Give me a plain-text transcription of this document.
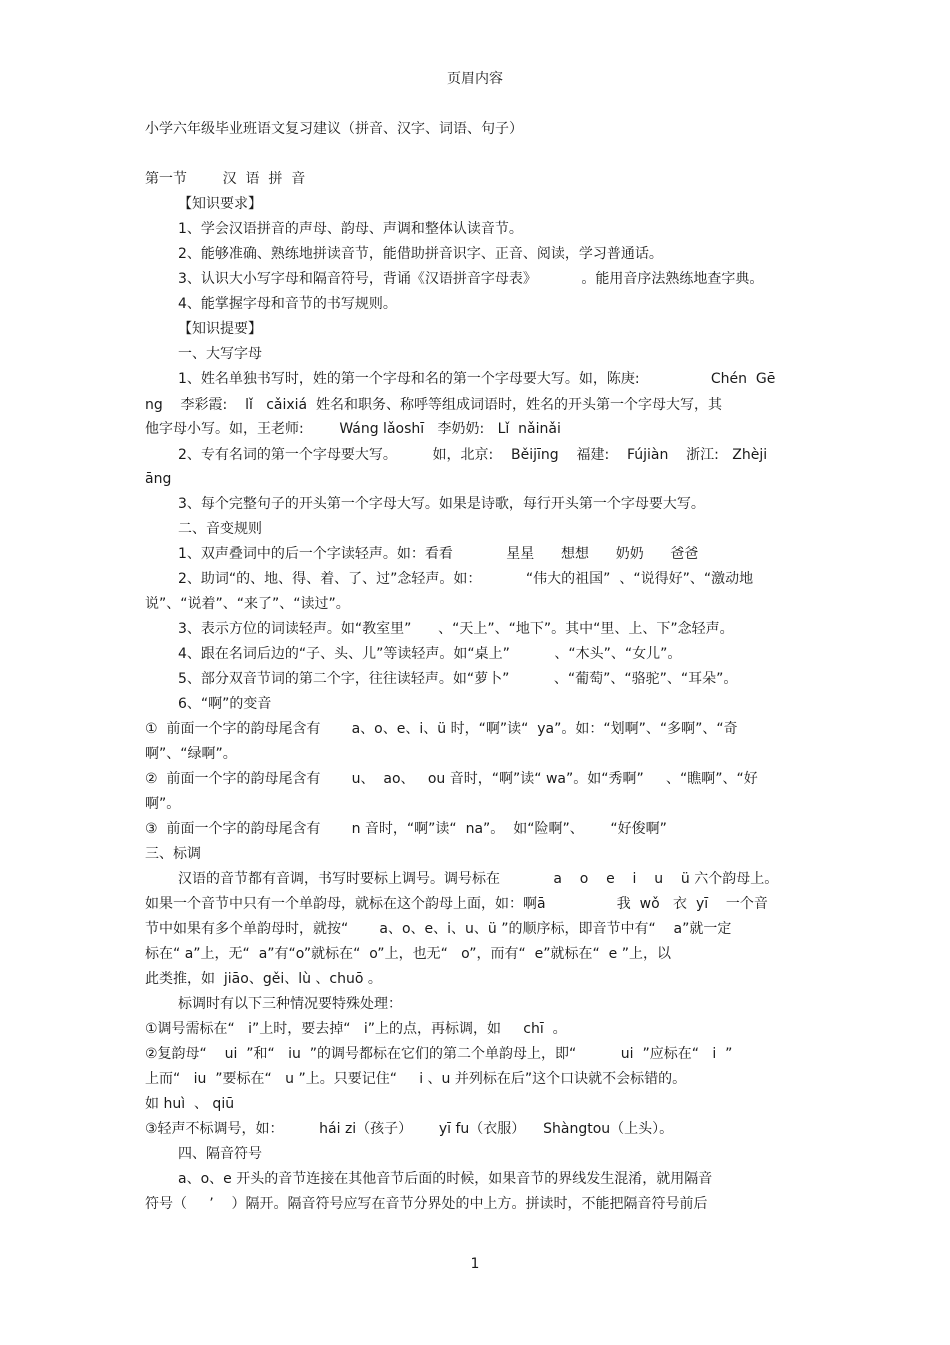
页眉内容
小学六年级毕业班语文复习建议（拼音、汉字、词语、句子）
第一节        汉  语  拼  音
【知识要求】
1、学会汉语拼音的声母、韵母、声调和整体认读音节。
2、能够准确、熟练地拼读音节，能借助拼音识字、正音、阅读，学习普通话。
3、认识大小写字母和隔音符号，背诵《汉语拼音字母表》          。能用音序法熟练地查字典。
4、能掌握字母和音节的书写规则。
【知识提要】
一、大写字母
1、姓名单独书写时，姓的第一个字母和名的第一个字母要大写。如，陈庚:                Chén  Gē
ng    李彩霞:    lǐ   cǎixiá  姓名和职务、称呼等组成词语时，姓名的开头第一个字母大写，其
他字母小写。如，王老师:        Wáng lǎoshī   李奶奶:   Lǐ  nǎinǎi
2、专有名词的第一个字母要大写。        如，北京:    Běijīng    福建:    Fújiàn    浙江:   Zhèji
āng
3、每个完整句子的开头第一个字母大写。如果是诗歌，每行开头第一个字母要大写。
二、音变规则
1、双声叠词中的后一个字读轻声。如：看看            星星      想想      奶奶      爸爸
2、助词“的、地、得、着、了、过”念轻声。如：          “伟大的祖国”  、“说得好”、“激动地
说”、“说着”、“来了”、“读过”。
3、表示方位的词读轻声。如“教室里”      、“天上”、“地下”。其中“里、上、下”念轻声。
4、跟在名词后边的“子、头、儿”等读轻声。如“桌上”          、“木头”、“女儿”。
5、部分双音节词的第二个字，往往读轻声。如“萝卜”          、“葡萄”、“骆驼”、“耳朵”。
6、“啊”的变音
①  前面一个字的韵母尾含有       a、o、e、i、ü 时，“啊”读“  ya”。如：“划啊”、“多啊”、“奇
啊”、“绿啊”。
②  前面一个字的韵母尾含有       u、  ao、   ou 音时，“啊”读“ wa”。如“秀啊”     、“瞧啊”、“好
啊”。
③  前面一个字的韵母尾含有       n 音时，“啊”读“  na”。  如“险啊”、      “好俊啊”
三、标调
汉语的音节都有音调，书写时要标上调号。调号标在            a    o    e    i    u    ü 六个韵母上。
如果一个音节中只有一个单韵母，就标在这个韵母上面，如：啊ā                我  wǒ   衣  yī    一个音
节中如果有多个单韵母时，就按“       a、o、e、i、u、ü ”的顺序标，即音节中有“    a”就一定
标在“ a”上，无“  a”有“o”就标在“  o”上，也无“   o”，而有“  e”就标在“  e ”上，以
此类推，如  jiāo、gěi、lù 、chuō 。
标调时有以下三种情况要特殊处理：
①调号需标在“   i”上时，要去掉“   i”上的点，再标调，如     chī  。
②复韵母“    ui  ”和“   iu  ”的调号都标在它们的第二个单韵母上，即“          ui  ”应标在“   i  ”
上而“   iu  ”要标在“   u ”上。只要记住“     i 、u 并列标在后”这个口诀就不会标错的。
如 huì  、 qiū
③轻声不标调号，如：        hái zi（孩子）      yī fu（衣服）    Shàngtou（上头）。
四、隔音符号
a、o、e 开头的音节连接在其他音节后面的时候，如果音节的界线发生混淆，就用隔音
符号（     ’    ）隔开。隔音符号应写在音节分界处的中上方。拼读时，不能把隔音符号前后
1
